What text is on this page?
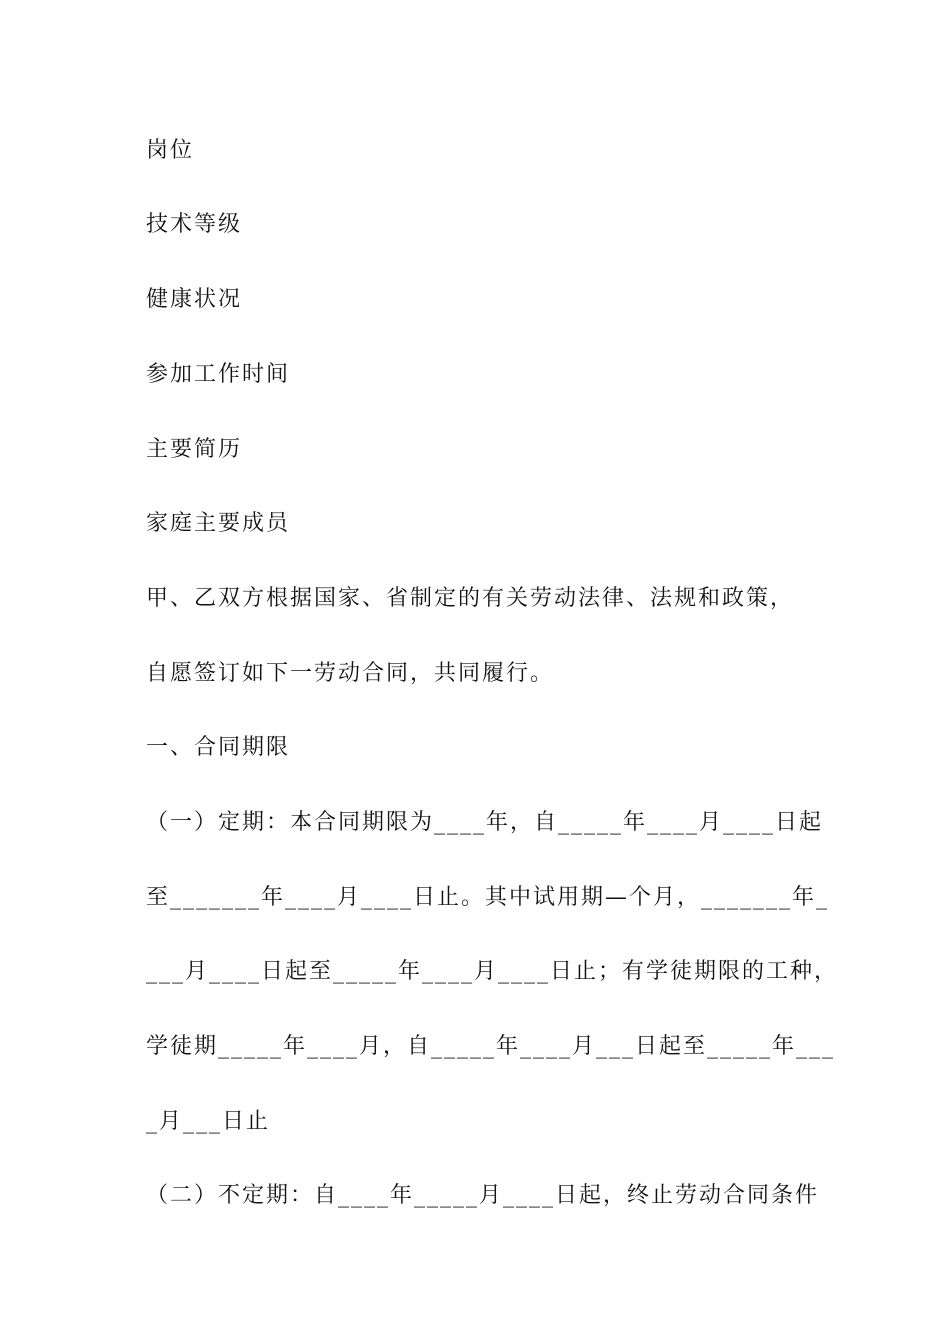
岗位
技术等级
健康状况
参加工作时间
主要简历
家庭主要成员
甲、乙双方根据国家、省制定的有关劳动法律、法规和政策，
自愿签订如下一劳动合同，共同履行。
一、合同期限
（一）定期：本合同期限为____年，自_____年____月____日起
至_______年____月____日止。其中试用期—个月，_______年_
___月____日起至_____年____月____日止；有学徒期限的工种，
学徒期_____年____月，自_____年____月___日起至_____年___
_月___日止
（二）不定期：自____年_____月____日起，终止劳动合同条件
